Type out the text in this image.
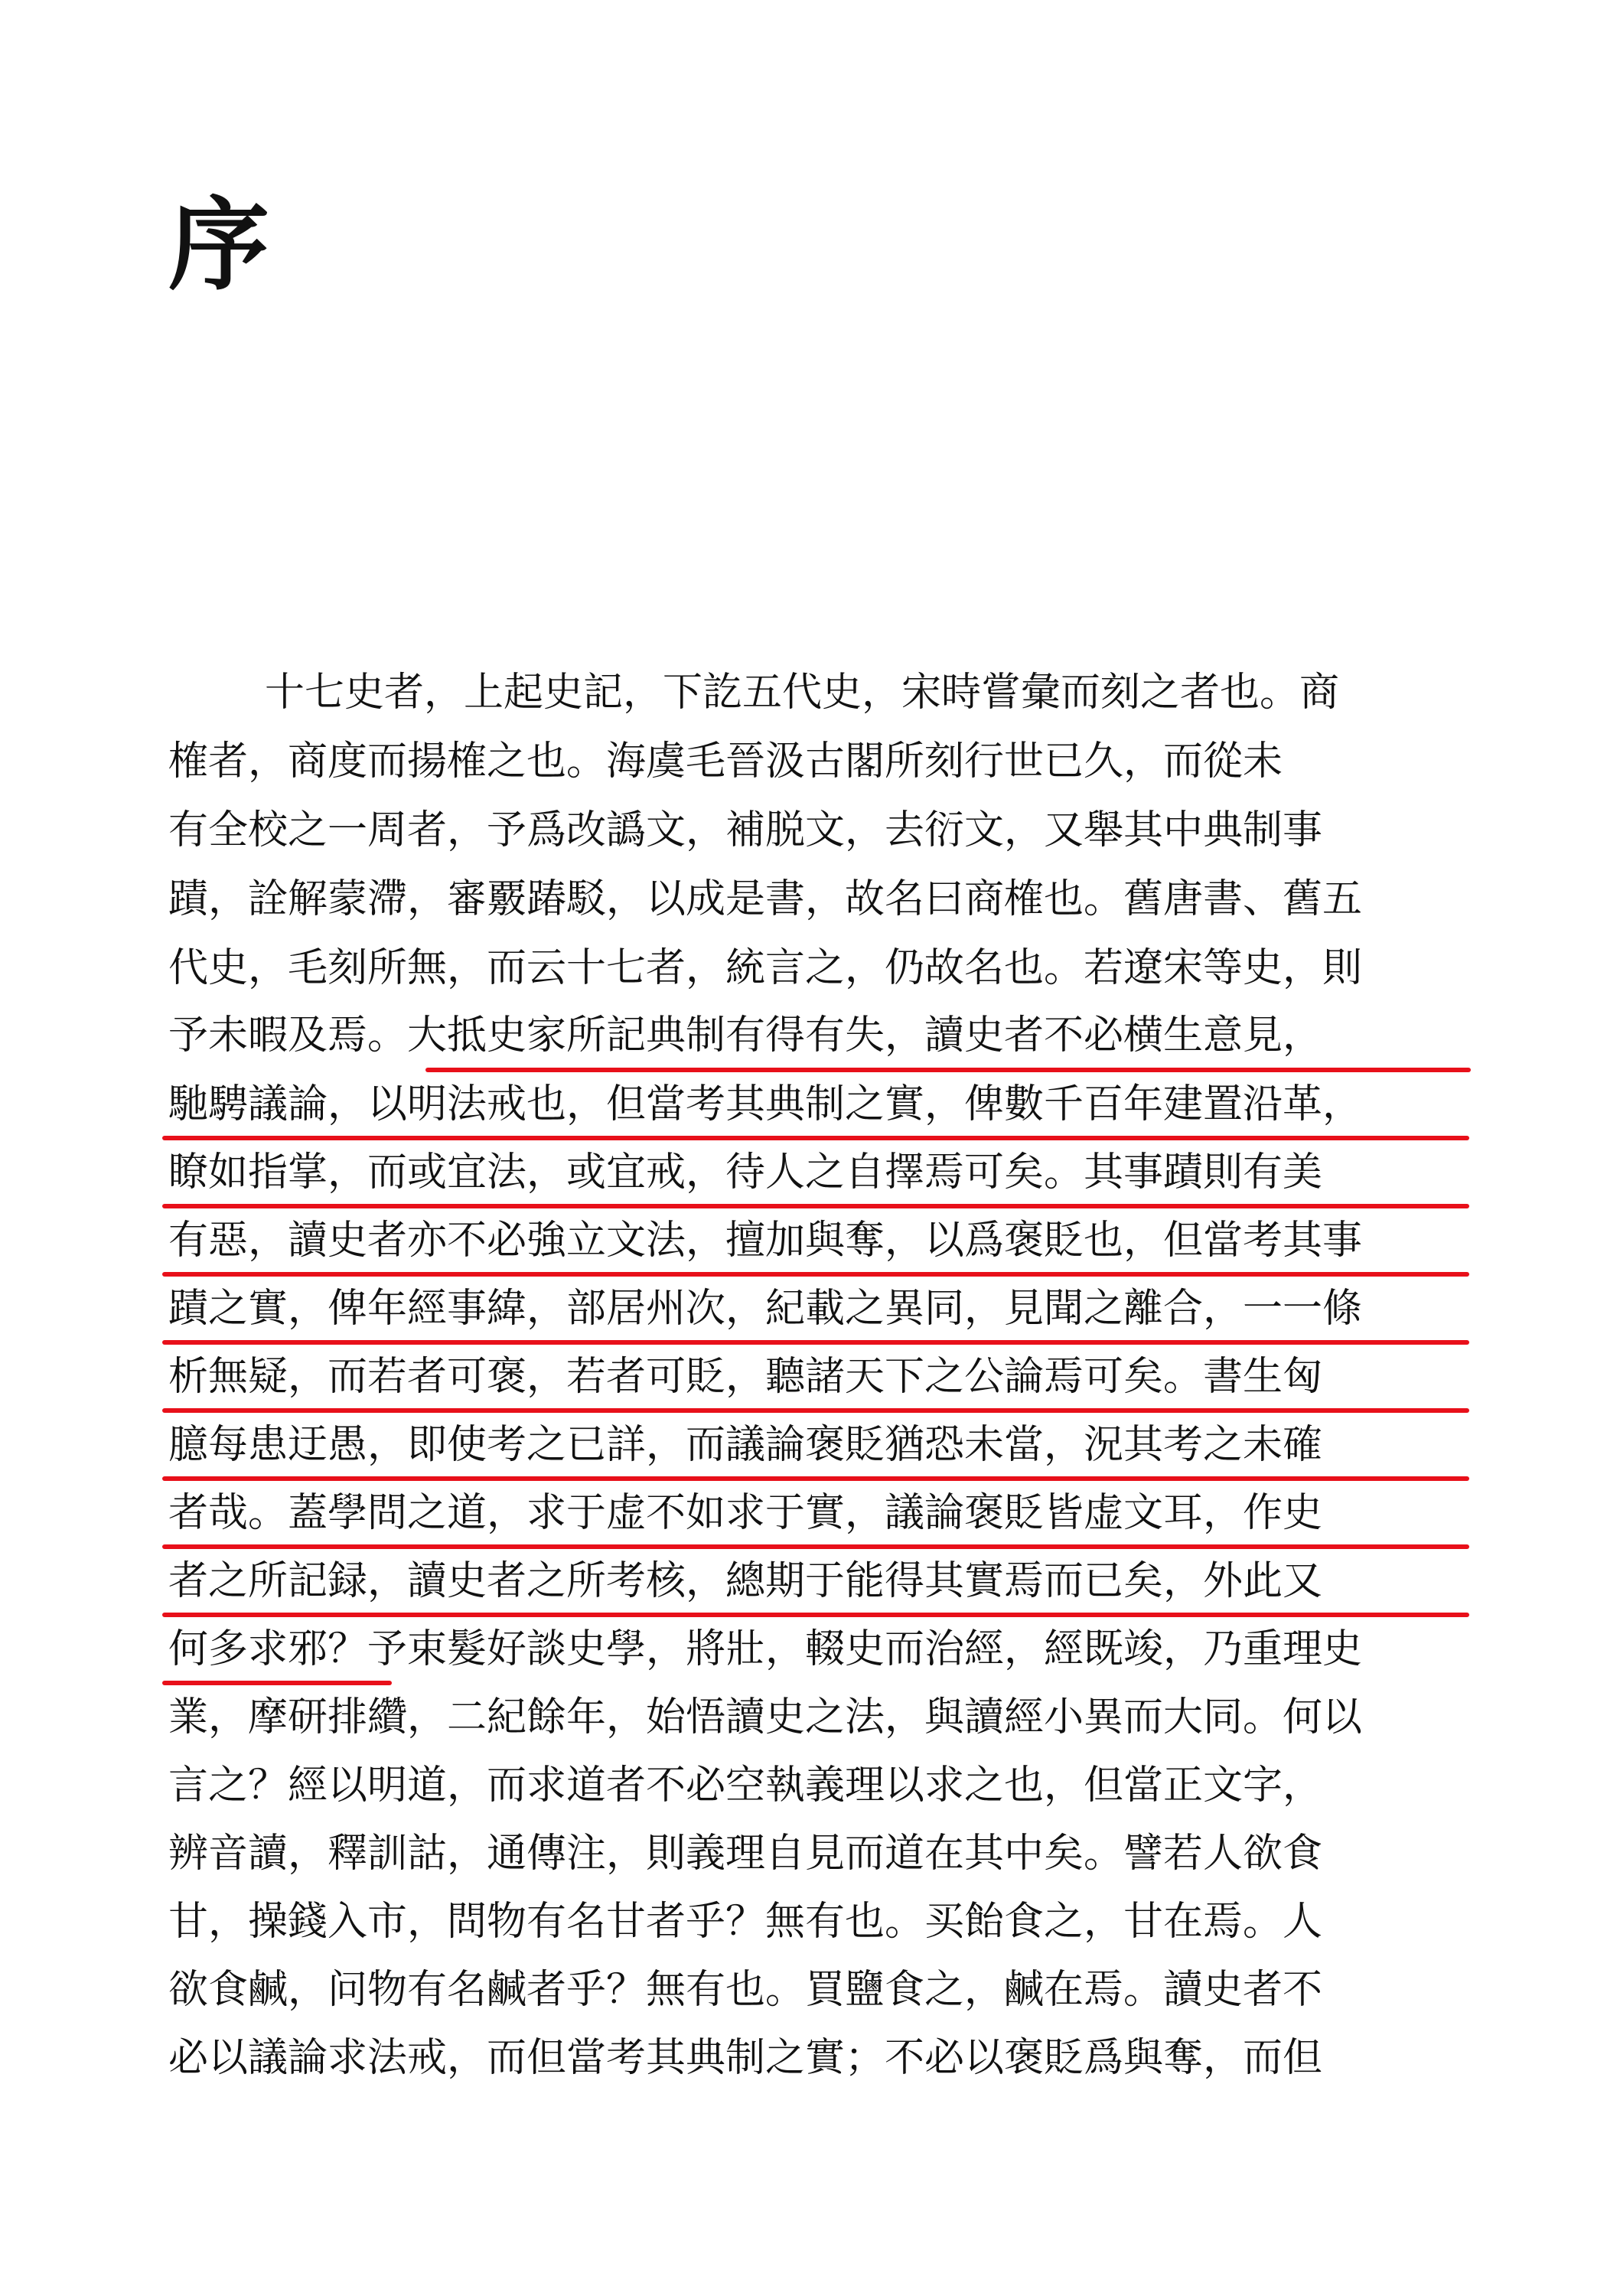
序
十七史者，上起史記，下訖五代史，宋時嘗彙而刻之者也。商
榷者，商度而揚榷之也。海虞毛晉汲古閣所刻行世已久，而從未
有全校之一周者，予爲改譌文，補脱文，去衍文，又舉其中典制事
蹟，詮解蒙滯，審覈踳駁，以成是書，故名曰商榷也。舊唐書、舊五
代史，毛刻所無，而云十七者，統言之，仍故名也。若遼宋等史，則
予未暇及焉。大抵史家所記典制有得有失，讀史者不必横生意見，
馳騁議論，以明法戒也，但當考其典制之實，俾數千百年建置沿革，
瞭如指掌，而或宜法，或宜戒，待人之自擇焉可矣。其事蹟則有美
有惡，讀史者亦不必強立文法，擅加與奪，以爲褒貶也，但當考其事
蹟之實，俾年經事緯，部居州次，紀載之異同，見聞之離合，一一條
析無疑，而若者可褒，若者可貶，聽諸天下之公論焉可矣。書生匈
臆每患迂愚，即使考之已詳，而議論褒貶猶恐未當，況其考之未確
者哉。蓋學問之道，求于虚不如求于實，議論褒貶皆虚文耳，作史
者之所記録，讀史者之所考核，總期于能得其實焉而已矣，外此又
何多求邪？予束髮好談史學，將壯，輟史而治經，經既竣，乃重理史
業，摩研排纘，二紀餘年，始悟讀史之法，與讀經小異而大同。何以
言之？經以明道，而求道者不必空執義理以求之也，但當正文字，
辨音讀，釋訓詁，通傳注，則義理自見而道在其中矣。譬若人欲食
甘，操錢入市，問物有名甘者乎？無有也。买飴食之，甘在焉。人
欲食鹹，问物有名鹹者乎？無有也。買鹽食之，鹹在焉。讀史者不
必以議論求法戒，而但當考其典制之實；不必以褒貶爲與奪，而但
